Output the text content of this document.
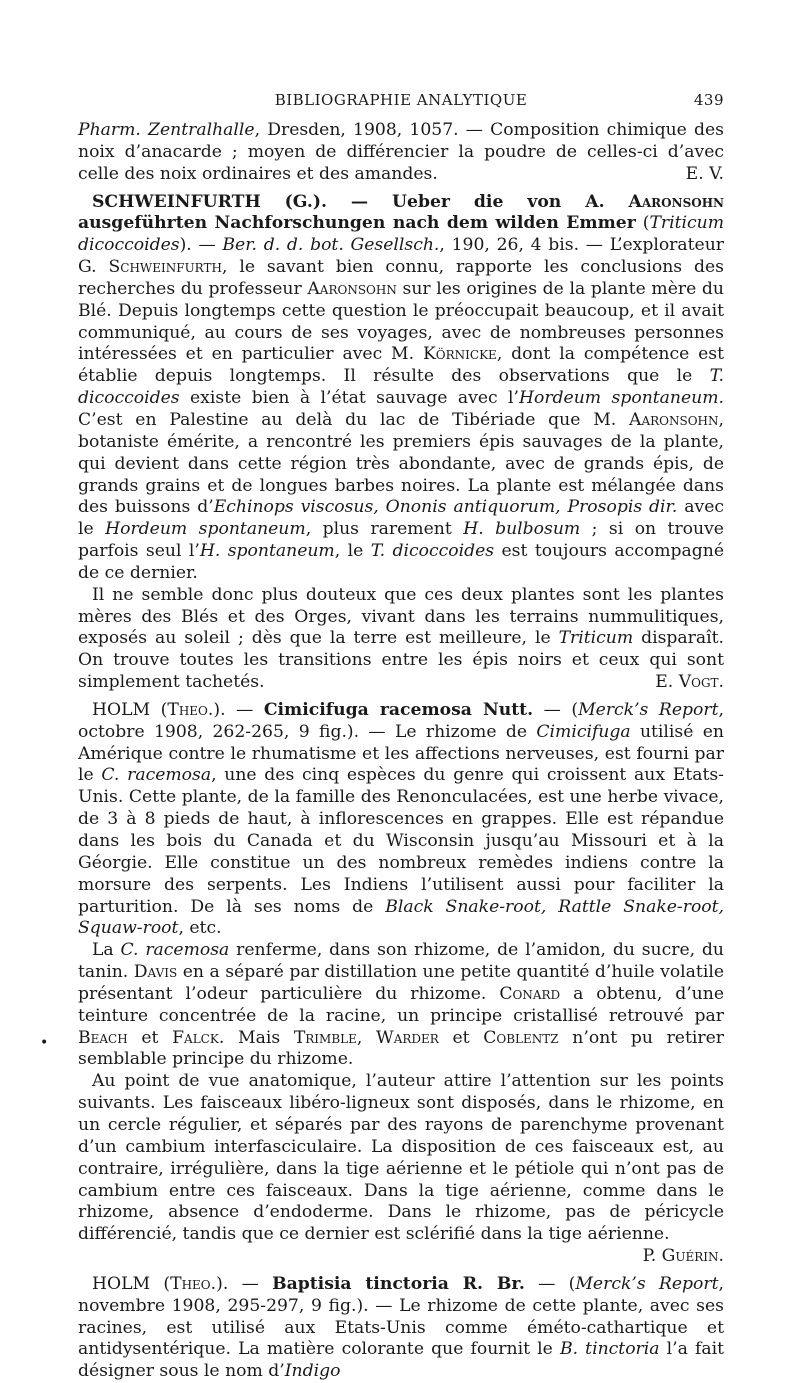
BIBLIOGRAPHIE ANALYTIQUE	439
•

Pharm. Zentralhalle, Dresden, 1908, 1057. — Composition chimique des noix d’anacarde ; moyen de différencier la poudre de celles-ci d’avec celle des noix ordinaires et des amandes.	E. V.

SCHWEINFURTH (G.). — Ueber die von A. Aaronsohn ausgeführten Nachforschungen nach dem wilden Emmer (Triticum dicoccoides). — Ber. d. d. bot. Gesellsch., 190, 26, 4 bis. — L’explorateur G. Schweinfurth, le savant bien connu, rapporte les conclusions des recherches du professeur Aaronsohn sur les origines de la plante mère du Blé. Depuis longtemps cette question le préoccupait beaucoup, et il avait communiqué, au cours de ses voyages, avec de nombreuses personnes intéressées et en particulier avec M. Körnicke, dont la compétence est établie depuis longtemps. Il résulte des observations que le T. dicoccoides existe bien à l’état sauvage avec l’Hordeum spontaneum. C’est en Palestine au delà du lac de Tibériade que M. Aaronsohn, botaniste émérite, a rencontré les premiers épis sauvages de la plante, qui devient dans cette région très abondante, avec de grands épis, de grands grains et de longues barbes noires. La plante est mélangée dans des buissons d’Echinops viscosus, Ononis antiquorum, Prosopis dir. avec le Hordeum spontaneum, plus rarement H. bulbosum ; si on trouve parfois seul l’H. spontaneum, le T. dicoccoides est toujours accompagné de ce dernier.

Il ne semble donc plus douteux que ces deux plantes sont les plantes mères des Blés et des Orges, vivant dans les terrains nummulitiques, exposés au soleil ; dès que la terre est meilleure, le Triticum disparaît. On trouve toutes les transitions entre les épis noirs et ceux qui sont simplement tachetés.	E. Vogt.

HOLM (Theo.). — Cimicifuga racemosa Nutt. — (Merck’s Report, octobre 1908, 262-265, 9 fig.). — Le rhizome de Cimicifuga utilisé en Amérique contre le rhumatisme et les affections nerveuses, est fourni par le C. racemosa, une des cinq espèces du genre qui croissent aux Etats-Unis. Cette plante, de la famille des Renonculacées, est une herbe vivace, de 3 à 8 pieds de haut, à inflorescences en grappes. Elle est répandue dans les bois du Canada et du Wisconsin jusqu’au Missouri et à la Géorgie. Elle constitue un des nombreux remèdes indiens contre la morsure des serpents. Les Indiens l’utilisent aussi pour faciliter la parturition. De là ses noms de Black Snake-root, Rattle Snake-root, Squaw-root, etc.

La C. racemosa renferme, dans son rhizome, de l’amidon, du sucre, du tanin. Davis en a séparé par distillation une petite quantité d’huile volatile présentant l’odeur particulière du rhizome. Conard a obtenu, d’une teinture concentrée de la racine, un principe cristallisé retrouvé par Beach et Falck. Mais Trimble, Warder et Coblentz n’ont pu retirer semblable principe du rhizome.

Au point de vue anatomique, l’auteur attire l’attention sur les points suivants. Les faisceaux libéro-ligneux sont disposés, dans le rhizome, en un cercle régulier, et séparés par des rayons de parenchyme provenant d’un cambium interfasciculaire. La disposition de ces faisceaux est, au contraire, irrégulière, dans la tige aérienne et le pétiole qui n’ont pas de cambium entre ces faisceaux. Dans la tige aérienne, comme dans le rhizome, absence d’endoderme. Dans le rhizome, pas de péricycle différencié, tandis que ce dernier est sclérifié dans la tige aérienne.
P. Guérin.

HOLM (Theo.). — Baptisia tinctoria R. Br. — (Merck’s Report, novembre 1908, 295-297, 9 fig.). — Le rhizome de cette plante, avec ses racines, est utilisé aux Etats-Unis comme éméto-cathartique et antidysentérique. La matière colorante que fournit le B. tinctoria l’a fait désigner sous le nom d’Indigo
